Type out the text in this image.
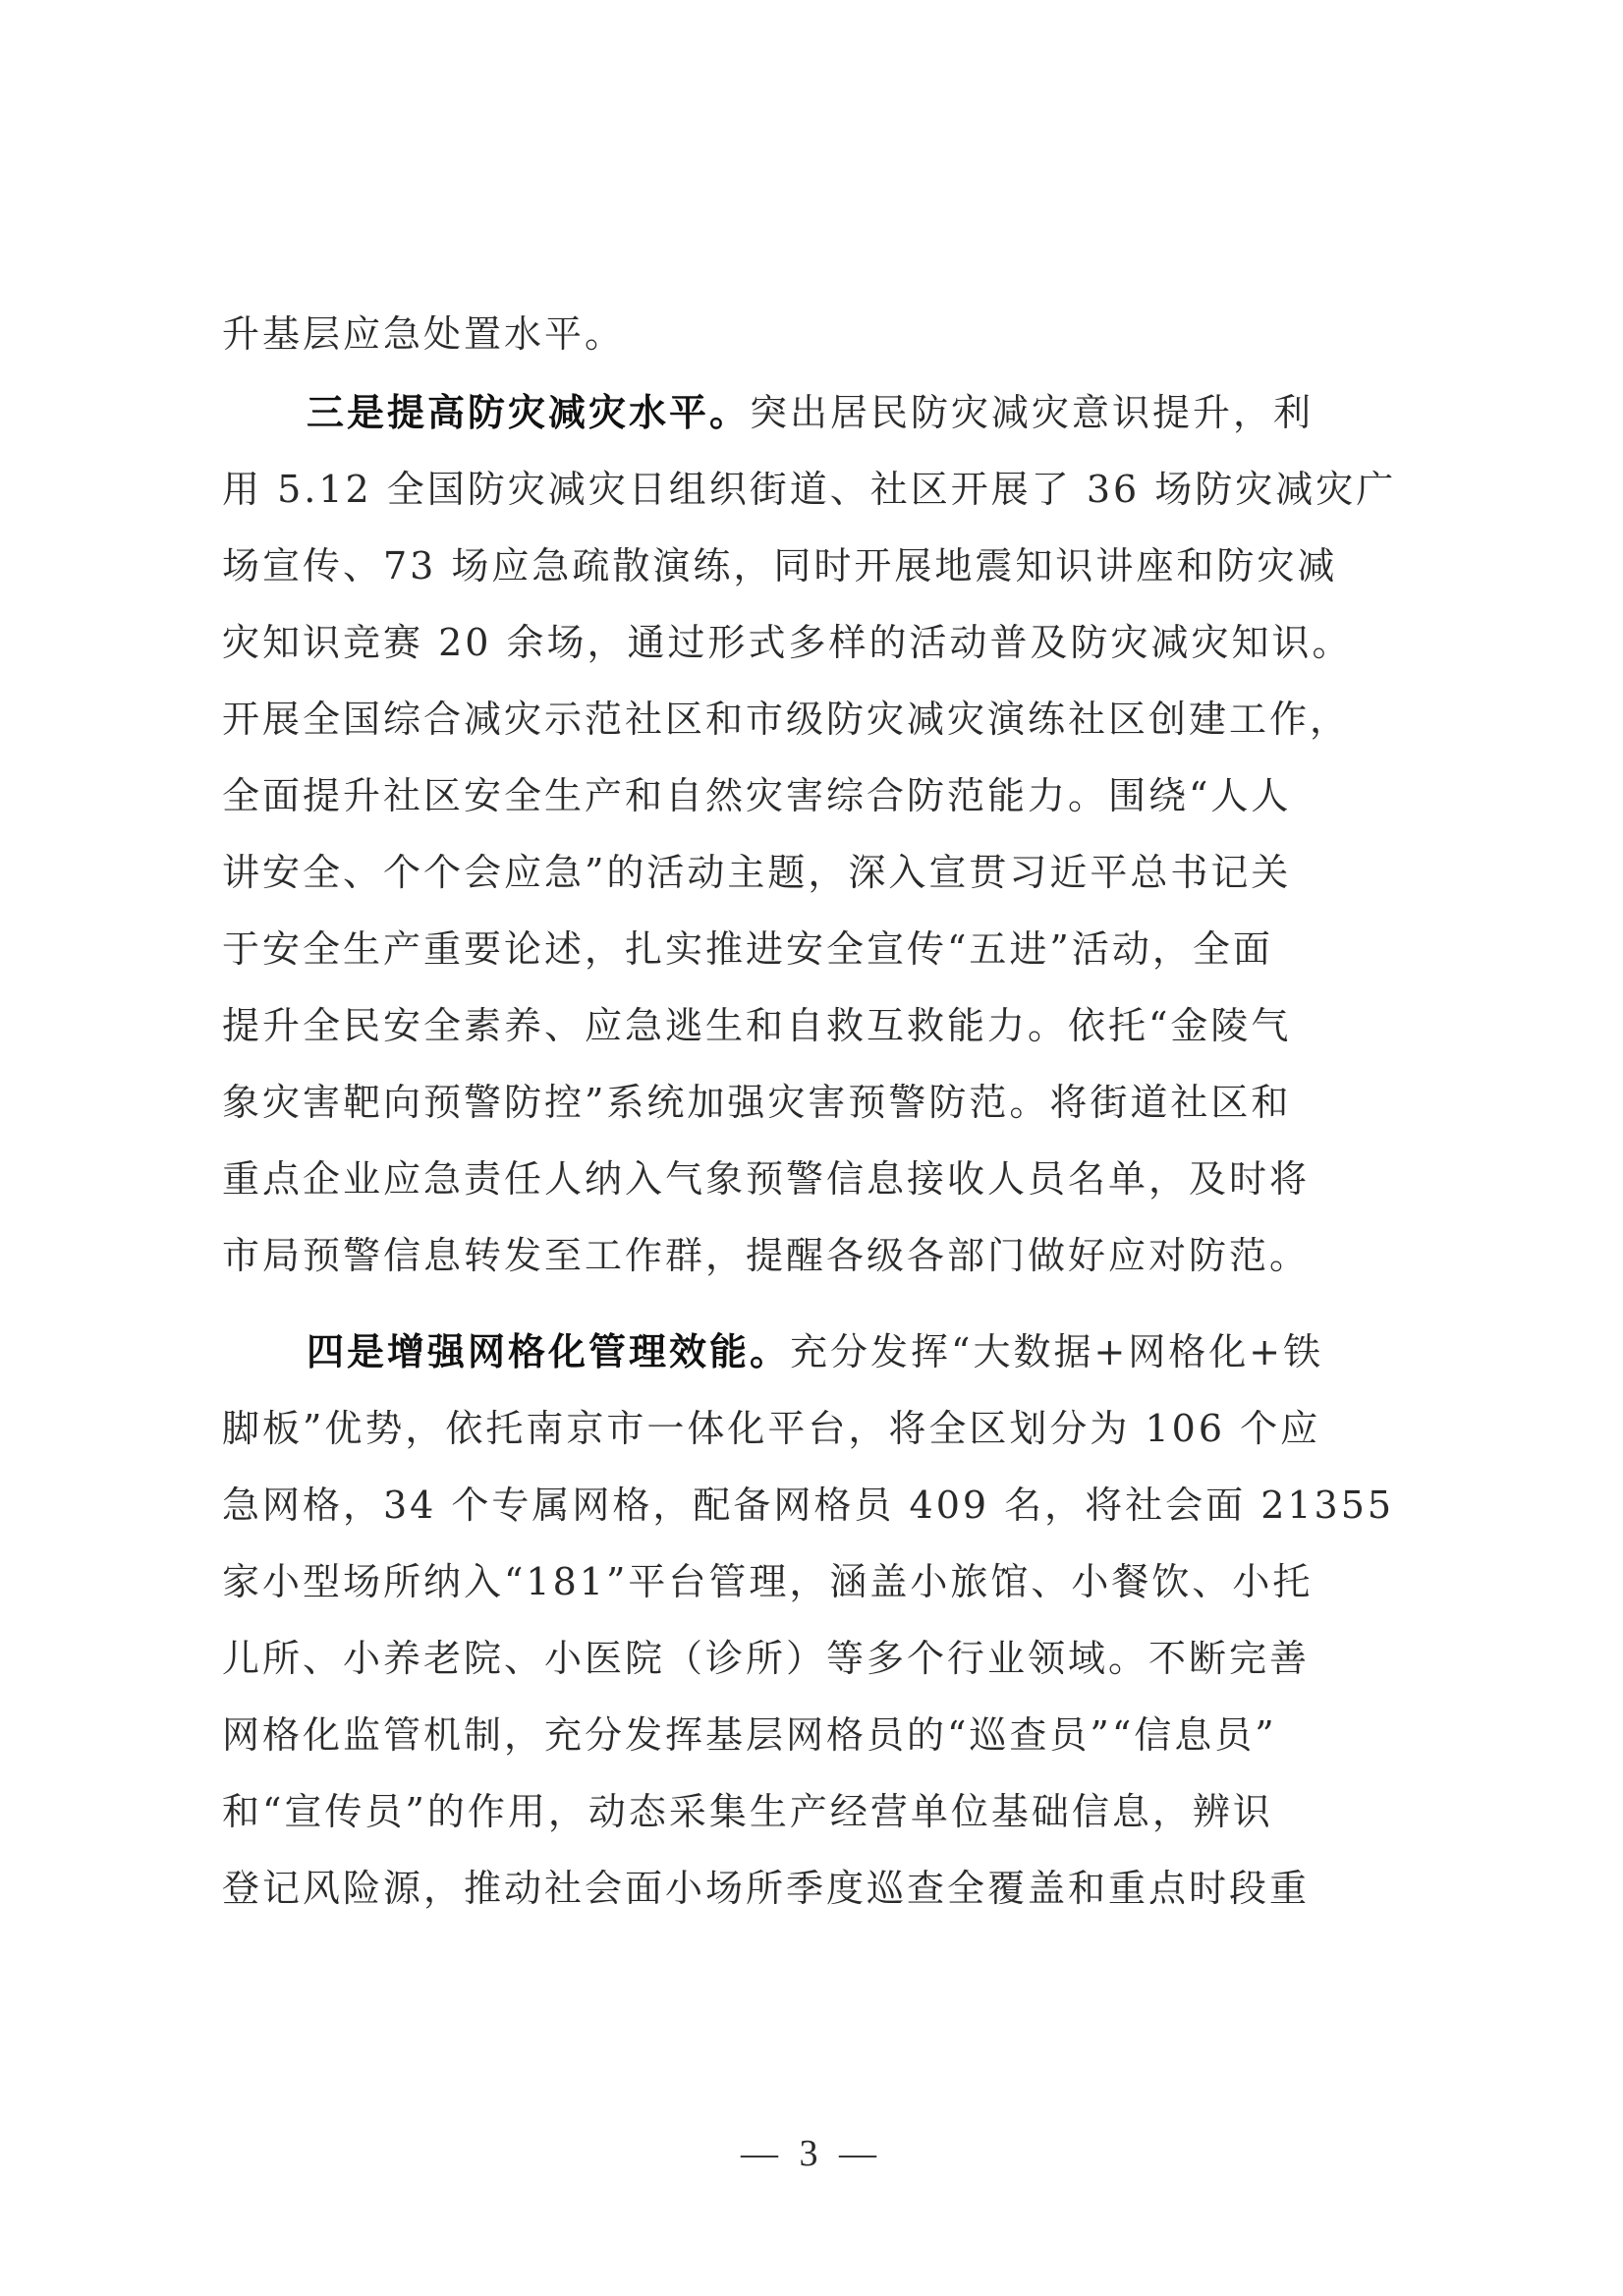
升基层应急处置水平。
三是提高防灾减灾水平。突出居民防灾减灾意识提升，利
用 5.12 全国防灾减灾日组织街道、社区开展了 36 场防灾减灾广
场宣传、73 场应急疏散演练，同时开展地震知识讲座和防灾减
灾知识竞赛 20 余场，通过形式多样的活动普及防灾减灾知识。
开展全国综合减灾示范社区和市级防灾减灾演练社区创建工作，
全面提升社区安全生产和自然灾害综合防范能力。围绕“人人
讲安全、个个会应急”的活动主题，深入宣贯习近平总书记关
于安全生产重要论述，扎实推进安全宣传“五进”活动，全面
提升全民安全素养、应急逃生和自救互救能力。依托“金陵气
象灾害靶向预警防控”系统加强灾害预警防范。将街道社区和
重点企业应急责任人纳入气象预警信息接收人员名单，及时将
市局预警信息转发至工作群，提醒各级各部门做好应对防范。
四是增强网格化管理效能。充分发挥“大数据+网格化+铁
脚板”优势，依托南京市一体化平台，将全区划分为 106 个应
急网格，34 个专属网格，配备网格员 409 名，将社会面 21355
家小型场所纳入“181”平台管理，涵盖小旅馆、小餐饮、小托
儿所、小养老院、小医院（诊所）等多个行业领域。不断完善
网格化监管机制，充分发挥基层网格员的“巡查员”“信息员”
和“宣传员”的作用，动态采集生产经营单位基础信息，辨识
登记风险源，推动社会面小场所季度巡查全覆盖和重点时段重
— 3 —
